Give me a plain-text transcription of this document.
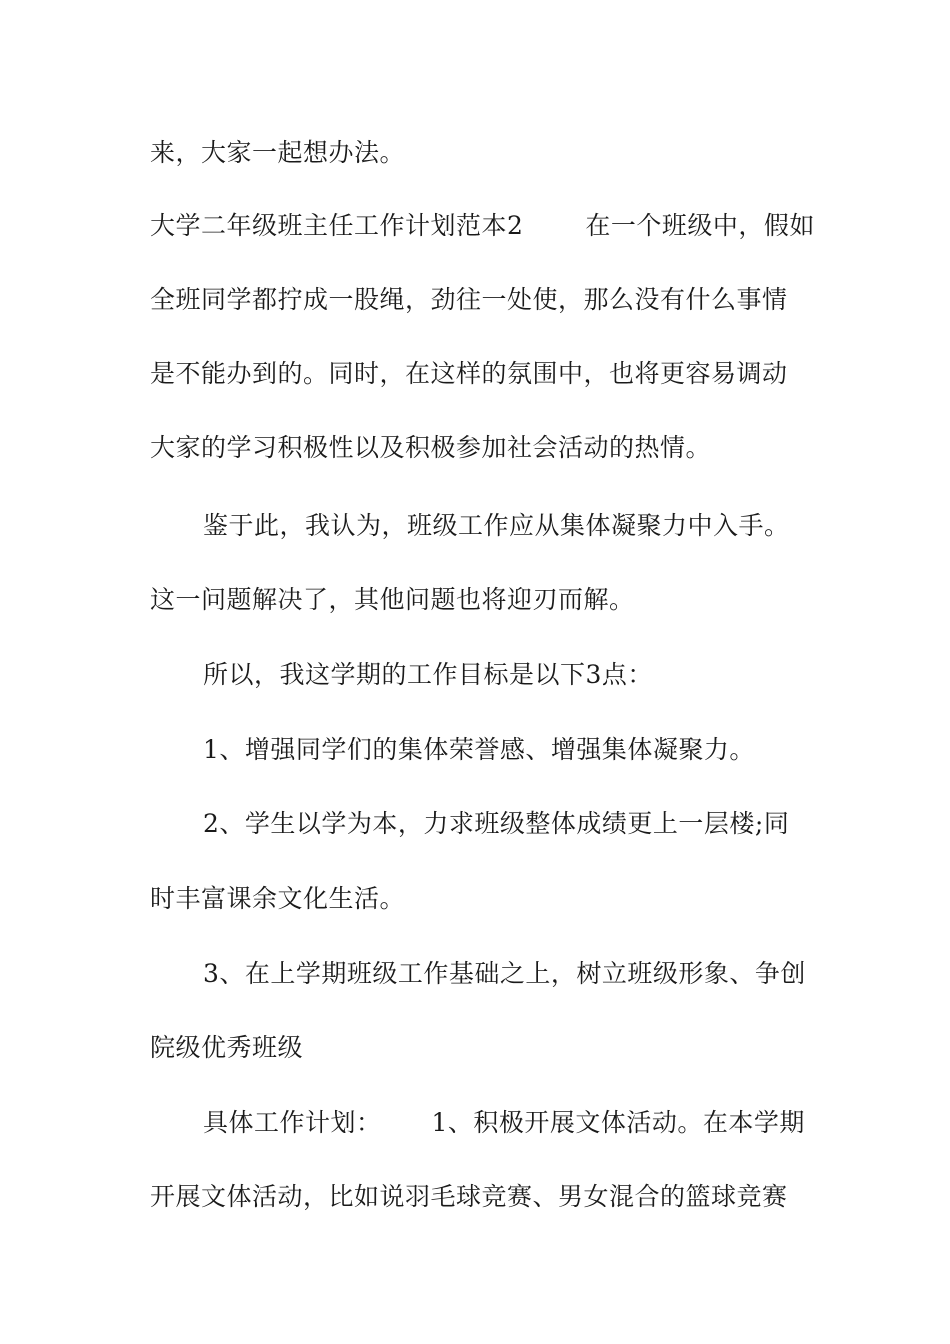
来，大家一起想办法。
大学二年级班主任工作计划范本2 在一个班级中，假如
全班同学都拧成一股绳，劲往一处使，那么没有什么事情
是不能办到的。同时，在这样的氛围中，也将更容易调动
大家的学习积极性以及积极参加社会活动的热情。
鉴于此，我认为，班级工作应从集体凝聚力中入手。
这一问题解决了，其他问题也将迎刃而解。
所以，我这学期的工作目标是以下3点：
1、增强同学们的集体荣誉感、增强集体凝聚力。
2、学生以学为本，力求班级整体成绩更上一层楼;同
时丰富课余文化生活。
3、在上学期班级工作基础之上，树立班级形象、争创
院级优秀班级
具体工作计划： 1、积极开展文体活动。在本学期
开展文体活动，比如说羽毛球竞赛、男女混合的篮球竞赛
